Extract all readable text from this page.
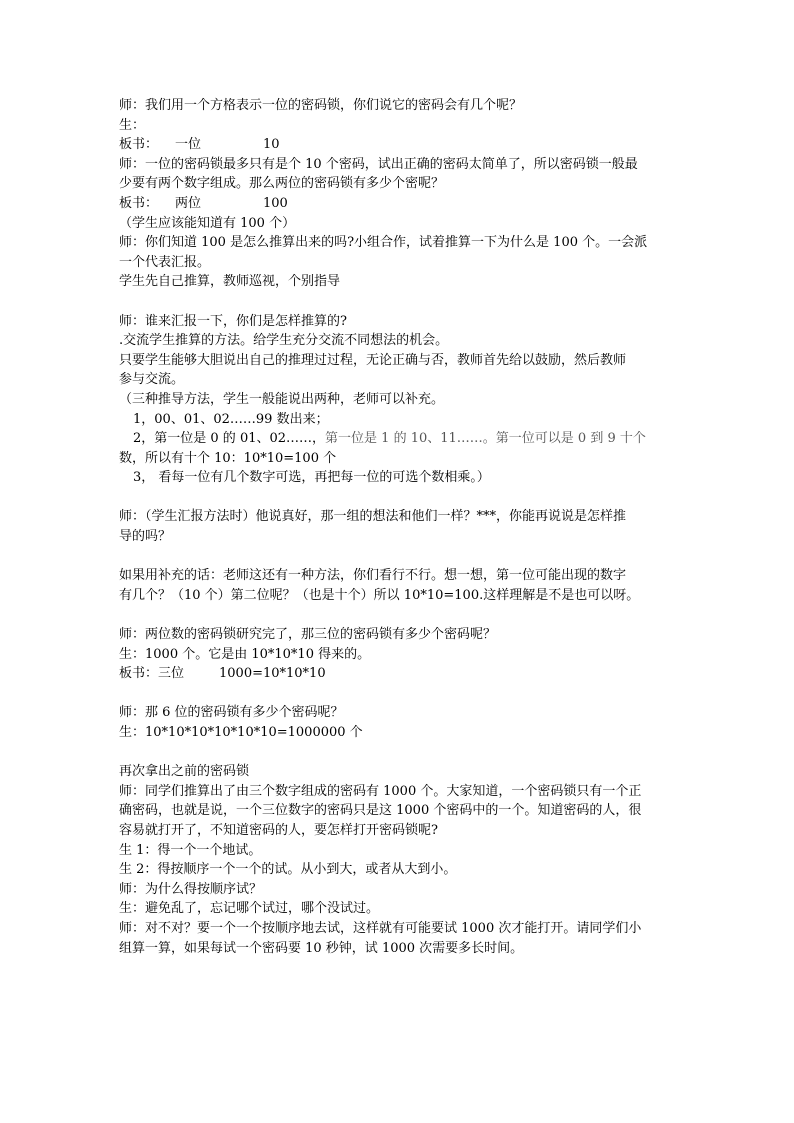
师：我们用一个方格表示一位的密码锁，你们说它的密码会有几个呢？
生：
板书： 一位	10
师：一位的密码锁最多只有是个 10 个密码，试出正确的密码太简单了，所以密码锁一般最
少要有两个数字组成。那么两位的密码锁有多少个密呢？
板书： 两位	100
（学生应该能知道有 100 个）
师：你们知道 100 是怎么推算出来的吗?小组合作，试着推算一下为什么是 100 个。一会派
一个代表汇报。
学生先自己推算，教师巡视，个别指导
师：谁来汇报一下，你们是怎样推算的?
.交流学生推算的方法。给学生充分交流不同想法的机会。
只要学生能够大胆说出自己的推理过过程，无论正确与否，教师首先给以鼓励，然后教师
参与交流。
（三种推导方法，学生一般能说出两种，老师可以补充。
1，00、01、02……99 数出来；
2，第一位是 0 的 01、02……，第一位是 1 的 10、11……。第一位可以是 0 到 9 十个
数，所以有十个 10：10*10=100 个
3， 看每一位有几个数字可选，再把每一位的可选个数相乘。）
师：（学生汇报方法时）他说真好，那一组的想法和他们一样？***，你能再说说是怎样推
导的吗？
如果用补充的话：老师这还有一种方法，你们看行不行。想一想，第一位可能出现的数字
有几个？（10 个）第二位呢？（也是十个）所以 10*10=100.这样理解是不是也可以呀。
师：两位数的密码锁研究完了，那三位的密码锁有多少个密码呢？
生：1000 个。它是由 10*10*10 得来的。
板书：三位	1000=10*10*10
师：那 6 位的密码锁有多少个密码呢？
生：10*10*10*10*10*10=1000000 个
再次拿出之前的密码锁
师：同学们推算出了由三个数字组成的密码有 1000 个。大家知道，一个密码锁只有一个正
确密码，也就是说，一个三位数字的密码只是这 1000 个密码中的一个。知道密码的人，很
容易就打开了，不知道密码的人，要怎样打开密码锁呢?
生 1：得一个一个地试。
生 2：得按顺序一个一个的试。从小到大，或者从大到小。
师：为什么得按顺序试？
生：避免乱了，忘记哪个试过，哪个没试过。
师：对不对？要一个一个按顺序地去试，这样就有可能要试 1000 次才能打开。请同学们小
组算一算，如果每试一个密码要 10 秒钟，试 1000 次需要多长时间。
